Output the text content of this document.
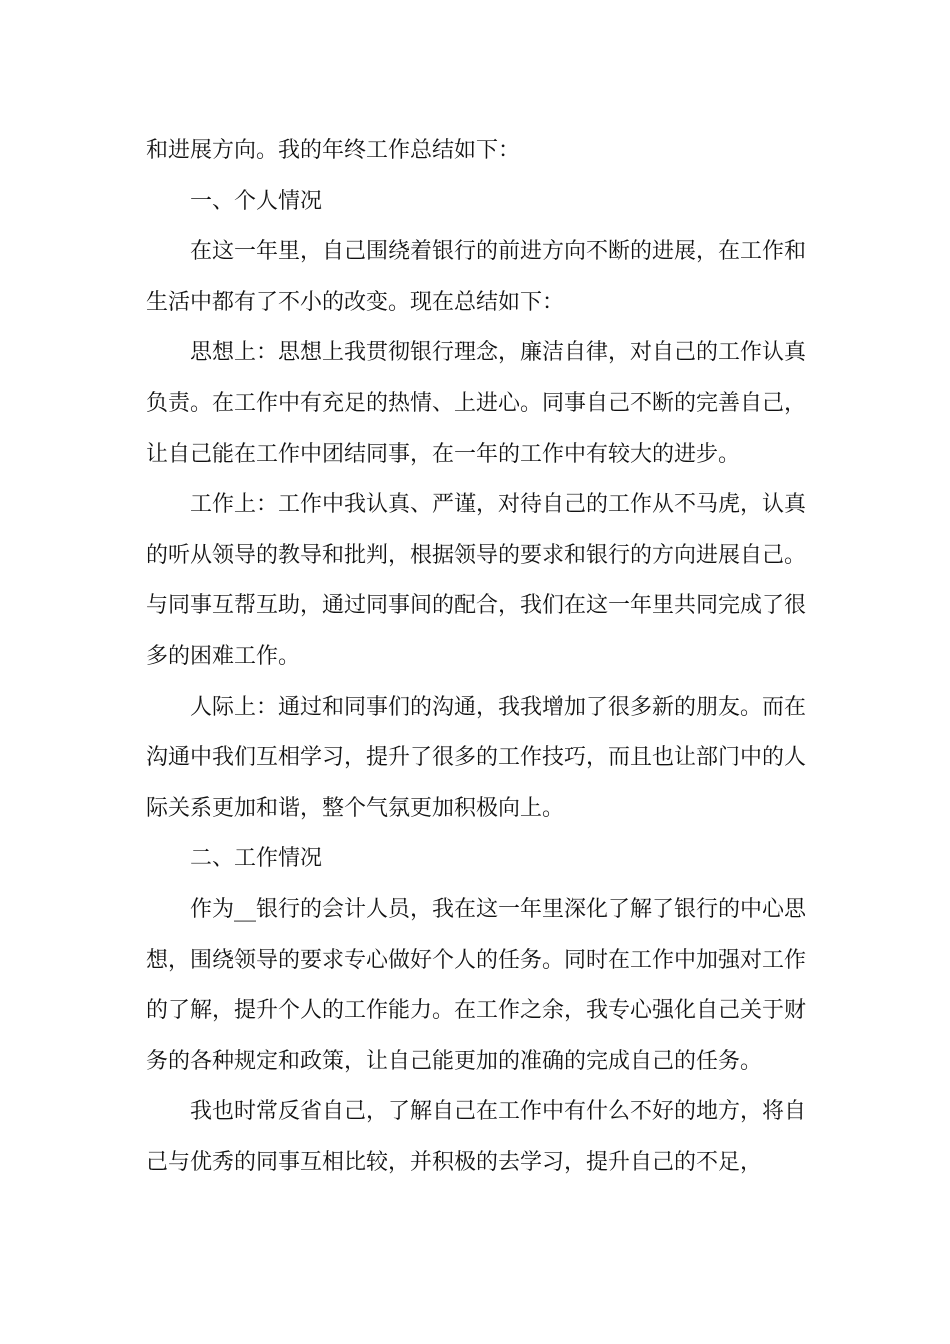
和进展方向。我的年终工作总结如下：

一、个人情况

在这一年里，自己围绕着银行的前进方向不断的进展，在工作和生活中都有了不小的改变。现在总结如下：

思想上：思想上我贯彻银行理念，廉洁自律，对自己的工作认真负责。在工作中有充足的热情、上进心。同事自己不断的完善自己，让自己能在工作中团结同事，在一年的工作中有较大的进步。

工作上：工作中我认真、严谨，对待自己的工作从不马虎，认真的听从领导的教导和批判，根据领导的要求和银行的方向进展自己。与同事互帮互助，通过同事间的配合，我们在这一年里共同完成了很多的困难工作。

人际上：通过和同事们的沟通，我我增加了很多新的朋友。而在沟通中我们互相学习，提升了很多的工作技巧，而且也让部门中的人际关系更加和谐，整个气氛更加积极向上。

二、工作情况

作为__银行的会计人员，我在这一年里深化了解了银行的中心思想，围绕领导的要求专心做好个人的任务。同时在工作中加强对工作的了解，提升个人的工作能力。在工作之余，我专心强化自己关于财务的各种规定和政策，让自己能更加的准确的完成自己的任务。

我也时常反省自己，了解自己在工作中有什么不好的地方，将自己与优秀的同事互相比较，并积极的去学习，提升自己的不足，
